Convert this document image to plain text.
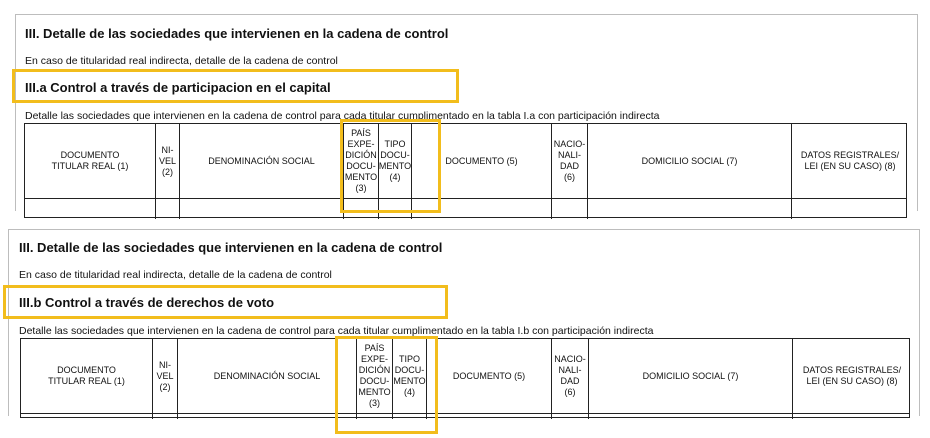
III. Detalle de las sociedades que intervienen en la cadena de control
En caso de titularidad real indirecta, detalle de la cadena de control
III.a Control a través de participacion en el capital
Detalle las sociedades que intervienen en la cadena de control para cada titular cumplimentado en la tabla I.a con participación indirecta
DOCUMENTO
TITULAR REAL (1)
NI-
VEL
(2)
DENOMINACIÓN SOCIAL
PAÍS
EXPE-
DICIÓN
DOCU-
MENTO
(3)
TIPO
DOCU-
MENTO
(4)
DOCUMENTO (5)
NACIO-
NALI-
DAD
(6)
DOMICILIO SOCIAL (7)
DATOS REGISTRALES/
LEI (EN SU CASO) (8)
III. Detalle de las sociedades que intervienen en la cadena de control
En caso de titularidad real indirecta, detalle de la cadena de control
III.b Control a través de derechos de voto
Detalle las sociedades que intervienen en la cadena de control para cada titular cumplimentado en la tabla I.b con participación indirecta
DOCUMENTO
TITULAR REAL (1)
NI-
VEL
(2)
DENOMINACIÓN SOCIAL
PAÍS
EXPE-
DICIÓN
DOCU-
MENTO
(3)
TIPO
DOCU-
MENTO
(4)
DOCUMENTO (5)
NACIO-
NALI-
DAD
(6)
DOMICILIO SOCIAL (7)
DATOS REGISTRALES/
LEI (EN SU CASO) (8)
